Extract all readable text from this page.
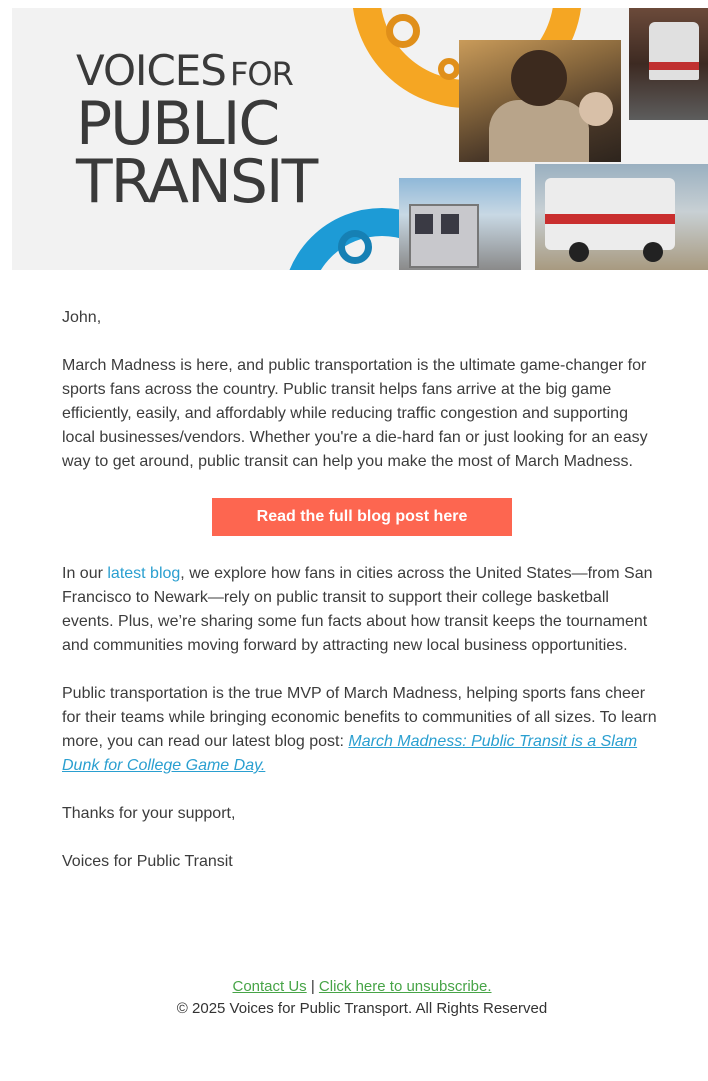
VOICES FOR
PUBLIC
TRANSIT

John,

March Madness is here, and public transportation is the ultimate game-changer for sports fans across the country. Public transit helps fans arrive at the big game efficiently, easily, and affordably while reducing traffic congestion and supporting local businesses/vendors. Whether you're a die-hard fan or just looking for an easy way to get around, public transit can help you make the most of March Madness.

Read the full blog post here

In our latest blog, we explore how fans in cities across the United States—from San Francisco to Newark—rely on public transit to support their college basketball events. Plus, we’re sharing some fun facts about how transit keeps the tournament and communities moving forward by attracting new local business opportunities.

Public transportation is the true MVP of March Madness, helping sports fans cheer for their teams while bringing economic benefits to communities of all sizes. To learn more, you can read our latest blog post: March Madness: Public Transit is a Slam Dunk for College Game Day.

Thanks for your support,

Voices for Public Transit

Contact Us | Click here to unsubscribe.
© 2025 Voices for Public Transport. All Rights Reserved
